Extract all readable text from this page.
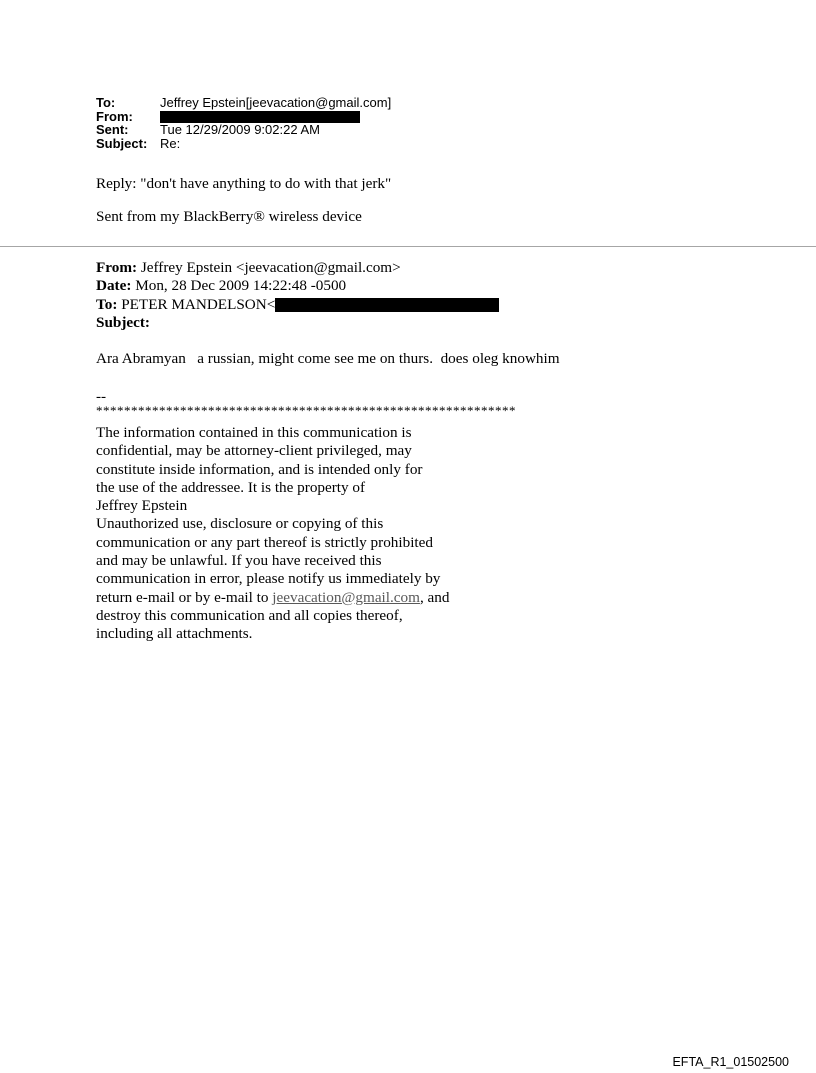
To:	Jeffrey Epstein[jeevacation@gmail.com]
From:
Sent:	Tue 12/29/2009 9:02:22 AM
Subject: Re:
Reply: "don't have anything to do with that jerk"
Sent from my BlackBerry® wireless device
From: Jeffrey Epstein <jeevacation@gmail.com>
Date: Mon, 28 Dec 2009 14:22:48 -0500
To: PETER MANDELSON<
Subject:
Ara Abramyan   a russian, might come see me on thurs.  does oleg knowhim
--
************************************************************
The information contained in this communication is
confidential, may be attorney-client privileged, may
constitute inside information, and is intended only for
the use of the addressee. It is the property of
Jeffrey Epstein
Unauthorized use, disclosure or copying of this
communication or any part thereof is strictly prohibited
and may be unlawful. If you have received this
communication in error, please notify us immediately by
return e-mail or by e-mail to jeevacation@gmail.com, and
destroy this communication and all copies thereof,
including all attachments.
EFTA_R1_01502500
